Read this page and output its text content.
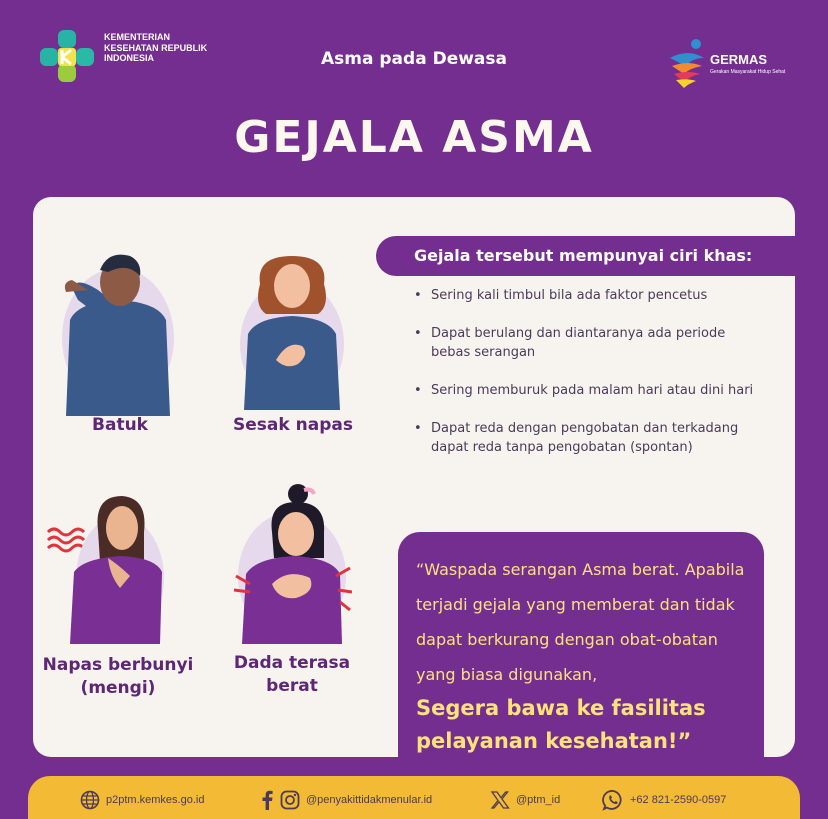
KEMENTERIAN KESEHATAN REPUBLIK INDONESIA	Asma pada Dewasa	GERMAS
Gerakan Masyarakat Hidup Sehat
GEJALA ASMA
Batuk	Sesak napas
Napas berbunyi (mengi)
Dada terasa berat
Gejala tersebut mempunyai ciri khas:
• Sering kali timbul bila ada faktor pencetus
• Dapat berulang dan diantaranya ada periode bebas serangan
• Sering memburuk pada malam hari atau dini hari
• Dapat reda dengan pengobatan dan terkadang dapat reda tanpa pengobatan (spontan)
“Waspada serangan Asma berat. Apabila terjadi gejala yang memberat dan tidak dapat berkurang dengan obat-obatan yang biasa digunakan,
Segera bawa ke fasilitas pelayanan kesehatan!”
p2ptm.kemkes.go.id	@penyakittidakmenular.id	@ptm_id	+62 821-2590-0597
